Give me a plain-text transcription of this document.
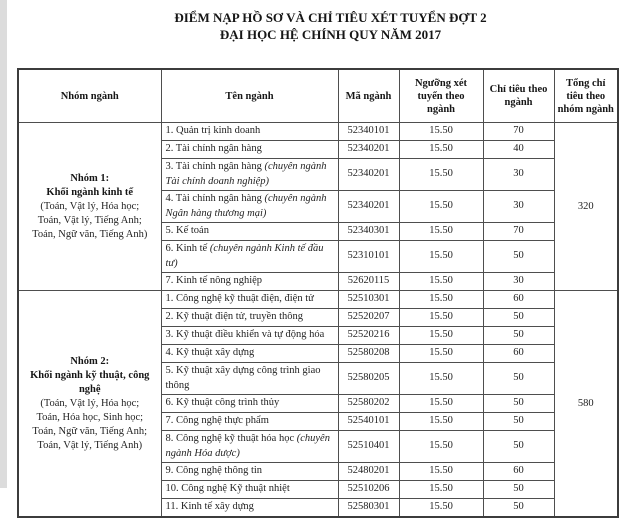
ĐIỂM NẠP HỒ SƠ VÀ CHỈ TIÊU XÉT TUYỂN ĐỢT 2
ĐẠI HỌC HỆ CHÍNH QUY NĂM 2017
Nhóm ngành	Tên ngành	Mã ngành	Ngưỡng xét tuyển theo ngành	Chỉ tiêu theo ngành	Tổng chỉ tiêu theo nhóm ngành

Nhóm 1:
Khối ngành kinh tế
(Toán, Vật lý, Hóa học;
Toán, Vật lý, Tiếng Anh;
Toán, Ngữ văn, Tiếng Anh)	1. Quản trị kinh doanh	52340101	15.50	70	320
	2. Tài chính ngân hàng	52340201	15.50	40	
	3. Tài chính ngân hàng (chuyên ngành Tài chính doanh nghiệp)	52340201	15.50	30	
	4. Tài chính ngân hàng (chuyên ngành Ngân hàng thương mại)	52340201	15.50	30	
	5. Kế toán	52340301	15.50	70	
	6. Kinh tế (chuyên ngành Kinh tế đầu tư)	52310101	15.50	50	
	7. Kinh tế nông nghiệp	52620115	15.50	30	

Nhóm 2:
Khối ngành kỹ thuật, công nghệ
(Toán, Vật lý, Hóa học;
Toán, Hóa học, Sinh học;
Toán, Ngữ văn, Tiếng Anh;
Toán, Vật lý, Tiếng Anh)
	1. Công nghệ kỹ thuật điện, điện tử	52510301	15.50	60	580
	2. Kỹ thuật điện tử, truyền thông	52520207	15.50	50	
	3. Kỹ thuật điều khiển và tự động hóa	52520216	15.50	50	
	4. Kỹ thuật xây dựng	52580208	15.50	60	
	5. Kỹ thuật xây dựng công trình giao thông	52580205	15.50	50	
	6. Kỹ thuật công trình thủy	52580202	15.50	50	
	7. Công nghệ thực phẩm	52540101	15.50	50	
	8. Công nghệ kỹ thuật hóa học (chuyên ngành Hóa dược)	52510401	15.50	50	
	9. Công nghệ thông tin	52480201	15.50	60	
	10. Công nghệ Kỹ thuật nhiệt	52510206	15.50	50	
	11. Kinh tế xây dựng	52580301	15.50	50	
